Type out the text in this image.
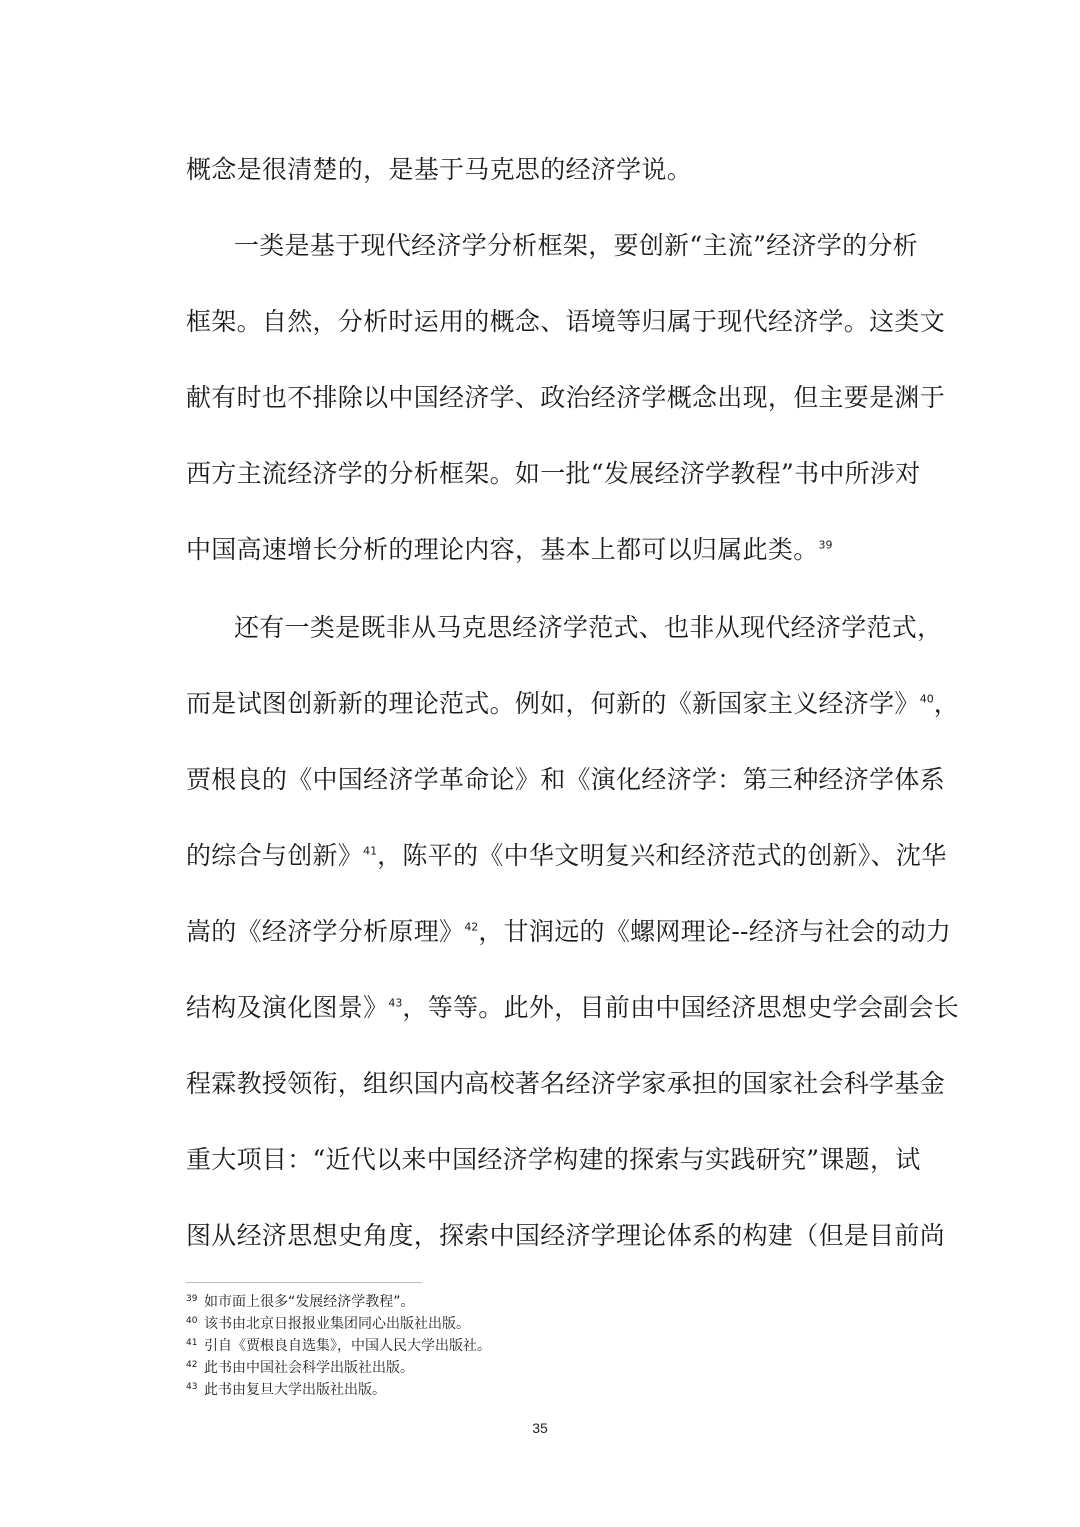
概念是很清楚的，是基于马克思的经济学说。
一类是基于现代经济学分析框架，要创新“主流”经济学的分析
框架。自然，分析时运用的概念、语境等归属于现代经济学。这类文
献有时也不排除以中国经济学、政治经济学概念出现，但主要是渊于
西方主流经济学的分析框架。如一批“发展经济学教程”书中所涉对
中国高速增长分析的理论内容，基本上都可以归属此类。$^{39}$
还有一类是既非从马克思经济学范式、也非从现代经济学范式，
而是试图创新新的理论范式。例如，何新的《新国家主义经济学》$^{40}$，
贾根良的《中国经济学革命论》和《演化经济学：第三种经济学体系
的综合与创新》$^{41}$，陈平的《中华文明复兴和经济范式的创新》、沈华
嵩的《经济学分析原理》$^{42}$，甘润远的《螺网理论--经济与社会的动力
结构及演化图景》$^{43}$，等等。此外，目前由中国经济思想史学会副会长
程霖教授领衔，组织国内高校著名经济学家承担的国家社会科学基金
重大项目：“近代以来中国经济学构建的探索与实践研究”课题，试
图从经济思想史角度，探索中国经济学理论体系的构建（但是目前尚
39 如市面上很多“发展经济学教程”。
40 该书由北京日报报业集团同心出版社出版。
41 引自《贾根良自选集》，中国人民大学出版社。
42 此书由中国社会科学出版社出版。
43 此书由复旦大学出版社出版。
35
